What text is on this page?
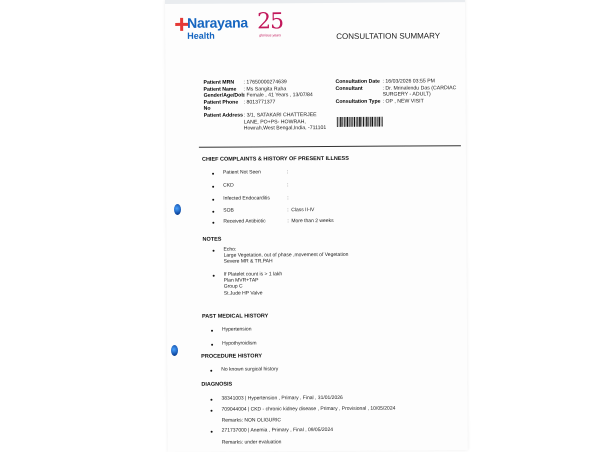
Narayana
Health
25
glorious years	CONSULTATION SUMMARY
Patient MRN	: 17650000274639
Patient Name	: Ms Sangita Raha
Gender/Age/Dob : Female , 41 Years , 13/07/84
Patient Phone No
: 8013771377
Patient Address : 3/1, SATAKARI CHATTERJEE LANE, PO+PS- HOWRAH, Howrah,West Bengal,India, -711101
Consultation Date : 16/03/2026 03:55 PM
Consultant	: Dr. Mrinalendu Das (CARDIAC SURGERY - ADULT)
Consultation Type : OP , NEW VISIT
CHIEF COMPLAINTS & HISTORY OF PRESENT ILLNESS
Patient Not Seen	:
CKD	:
Infected Endocarditis	:
SOB	: Class II-IV
Received Antibiotic	: More than 2 weeks
NOTES
Echo:
Large Vegetation, out of phase ,movement of Vegetation
Severe MR & TR,PAH
If Platelet count is > 1 lakh
Plan MVR+TAP
Group C
St.Jude HP Valve
PAST MEDICAL HISTORY
Hypertension
Hypothyroidism
PROCEDURE HISTORY
No known surgical history
DIAGNOSIS
38341003 | Hypertension , Primary , Final , 31/01/2026
709044004 | CKD - chronic kidney disease , Primary , Provisional , 10/05/2024
Remarks: NON OLIGURIC
271737000 | Anemia , Primary , Final , 09/05/2024
Remarks: under evaluation
